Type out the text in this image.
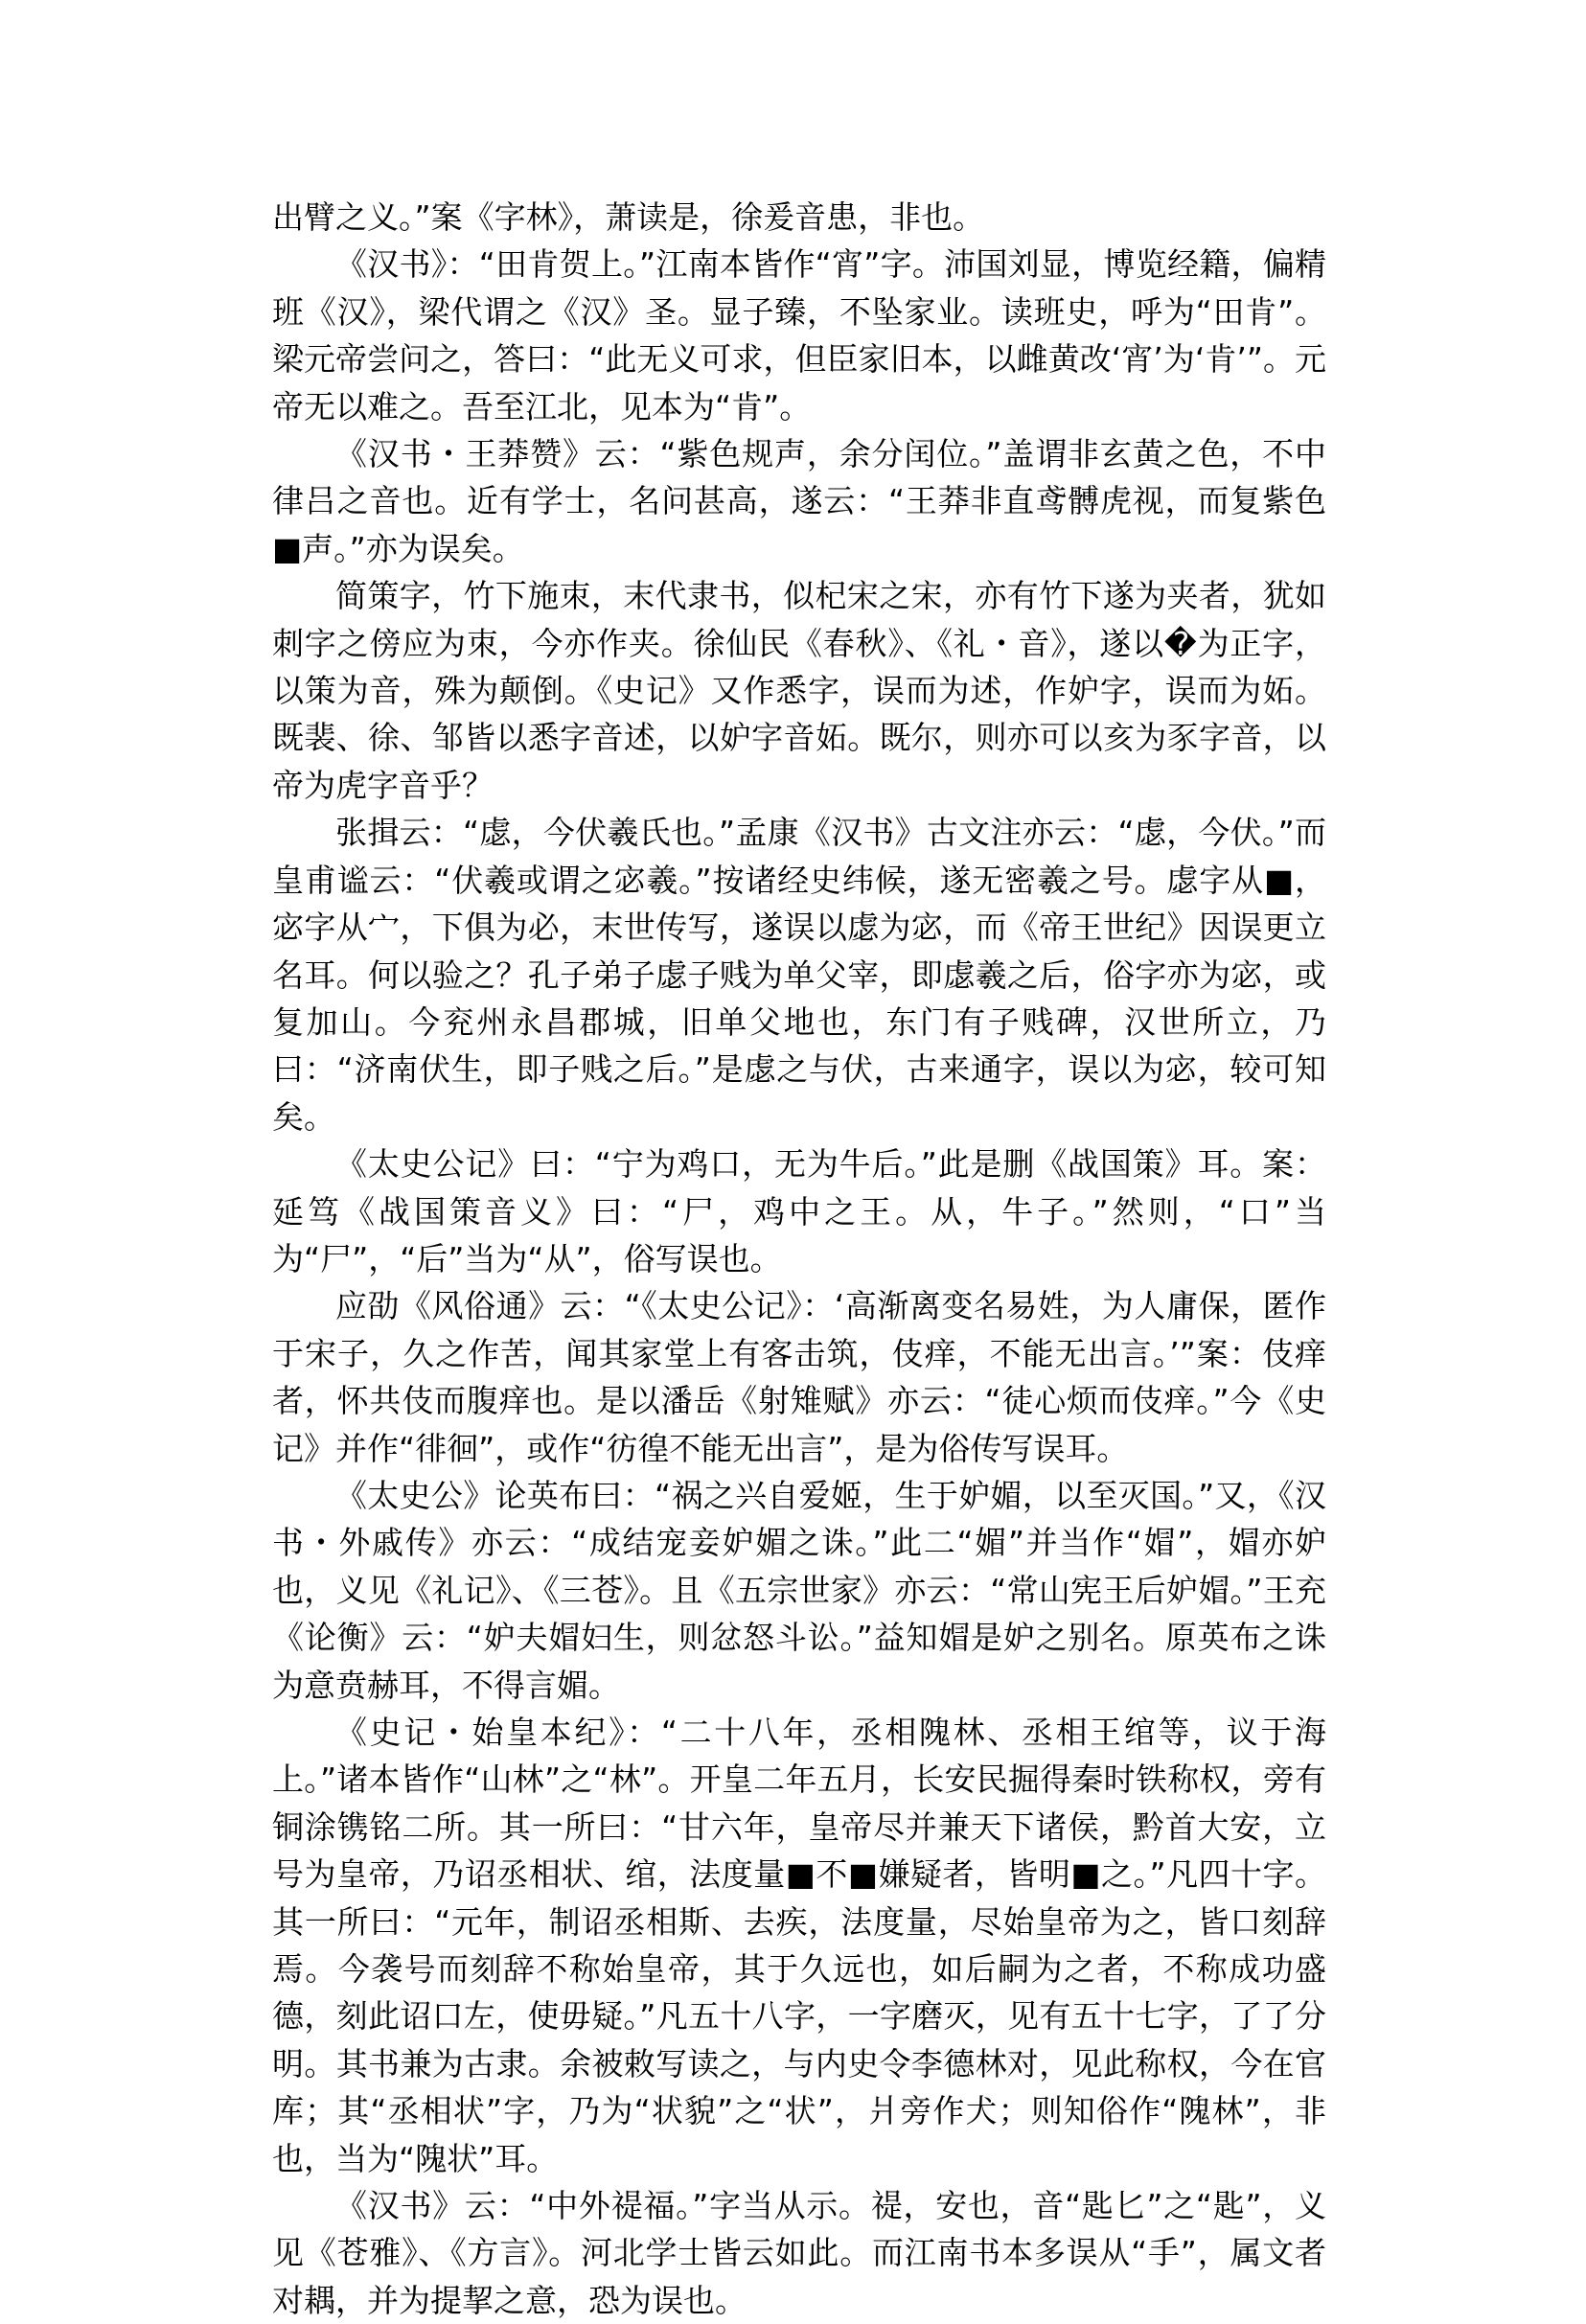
出臂之义。”案《字林》，萧读是，徐爰音患，非也。

《汉书》：“田肯贺上。”江南本皆作“宵”字。沛国刘显，博览经籍，偏精班《汉》，梁代谓之《汉》圣。显子臻，不坠家业。读班史，呼为“田肯”。梁元帝尝问之，答曰：“此无义可求，但臣家旧本，以雌黄改‘宵’为‘肯’”。元帝无以难之。吾至江北，见本为“肯”。

《汉书・王莽赞》云：“紫色规声，余分闰位。”盖谓非玄黄之色，不中律吕之音也。近有学士，名问甚高，遂云：“王莽非直鸢髆虎视，而复紫色■声。”亦为误矣。

简策字，竹下施朿，末代隶书，似杞宋之宋，亦有竹下遂为夹者，犹如刺字之傍应为朿，今亦作夹。徐仙民《春秋》、《礼・音》，遂以�为正字，以策为音，殊为颠倒。《史记》又作悉字，误而为述，作妒字，误而为妬。既裴、徐、邹皆以悉字音述，以妒字音妬。既尔，则亦可以亥为豕字音，以帝为虎字音乎？

张揖云：“虙，今伏羲氏也。”孟康《汉书》古文注亦云：“虙，今伏。”而皇甫谧云：“伏羲或谓之宓羲。”按诸经史纬候，遂无密羲之号。虙字从■，宓字从宀，下俱为必，末世传写，遂误以虙为宓，而《帝王世纪》因误更立名耳。何以验之？孔子弟子虙子贱为单父宰，即虙羲之后，俗字亦为宓，或复加山。今兖州永昌郡城，旧单父地也，东门有子贱碑，汉世所立，乃曰：“济南伏生，即子贱之后。”是虙之与伏，古来通字，误以为宓，较可知矣。

《太史公记》曰：“宁为鸡口，无为牛后。”此是删《战国策》耳。案：延笃《战国策音义》曰：“尸，鸡中之王。从，牛子。”然则，“口”当为“尸”，“后”当为“从”，俗写误也。

应劭《风俗通》云：“《太史公记》：‘高渐离变名易姓，为人庸保，匿作于宋子，久之作苦，闻其家堂上有客击筑，伎痒，不能无出言。’”案：伎痒者，怀共伎而腹痒也。是以潘岳《射雉赋》亦云：“徒心烦而伎痒。”今《史记》并作“徘徊”，或作“彷徨不能无出言”，是为俗传写误耳。

《太史公》论英布曰：“祸之兴自爱姬，生于妒媚，以至灭国。”又，《汉书・外戚传》亦云：“成结宠妾妒媚之诛。”此二“媚”并当作“媢”，媢亦妒也，义见《礼记》、《三苍》。且《五宗世家》亦云：“常山宪王后妒媢。”王充《论衡》云：“妒夫媢妇生，则忿怒斗讼。”益知媢是妒之别名。原英布之诛为意贲赫耳，不得言媚。

《史记・始皇本纪》：“二十八年，丞相隗林、丞相王绾等，议于海上。”诸本皆作“山林”之“林”。开皇二年五月，长安民掘得秦时铁称权，旁有铜涂镌铭二所。其一所曰：“甘六年，皇帝尽并兼天下诸侯，黔首大安，立号为皇帝，乃诏丞相状、绾，法度量■不■嫌疑者，皆明■之。”凡四十字。其一所曰：“元年，制诏丞相斯、去疾，法度量，尽始皇帝为之，皆口刻辞焉。今袭号而刻辞不称始皇帝，其于久远也，如后嗣为之者，不称成功盛德，刻此诏口左，使毋疑。”凡五十八字，一字磨灭，见有五十七字，了了分明。其书兼为古隶。余被敕写读之，与内史令李德林对，见此称权，今在官库；其“丞相状”字，乃为“状貌”之“状”，爿旁作犬；则知俗作“隗林”，非也，当为“隗状”耳。

《汉书》云：“中外禔福。”字当从示。禔，安也，音“匙匕”之“匙”，义见《苍雅》、《方言》。河北学士皆云如此。而江南书本多误从“手”，属文者对耦，并为提挈之意，恐为误也。
